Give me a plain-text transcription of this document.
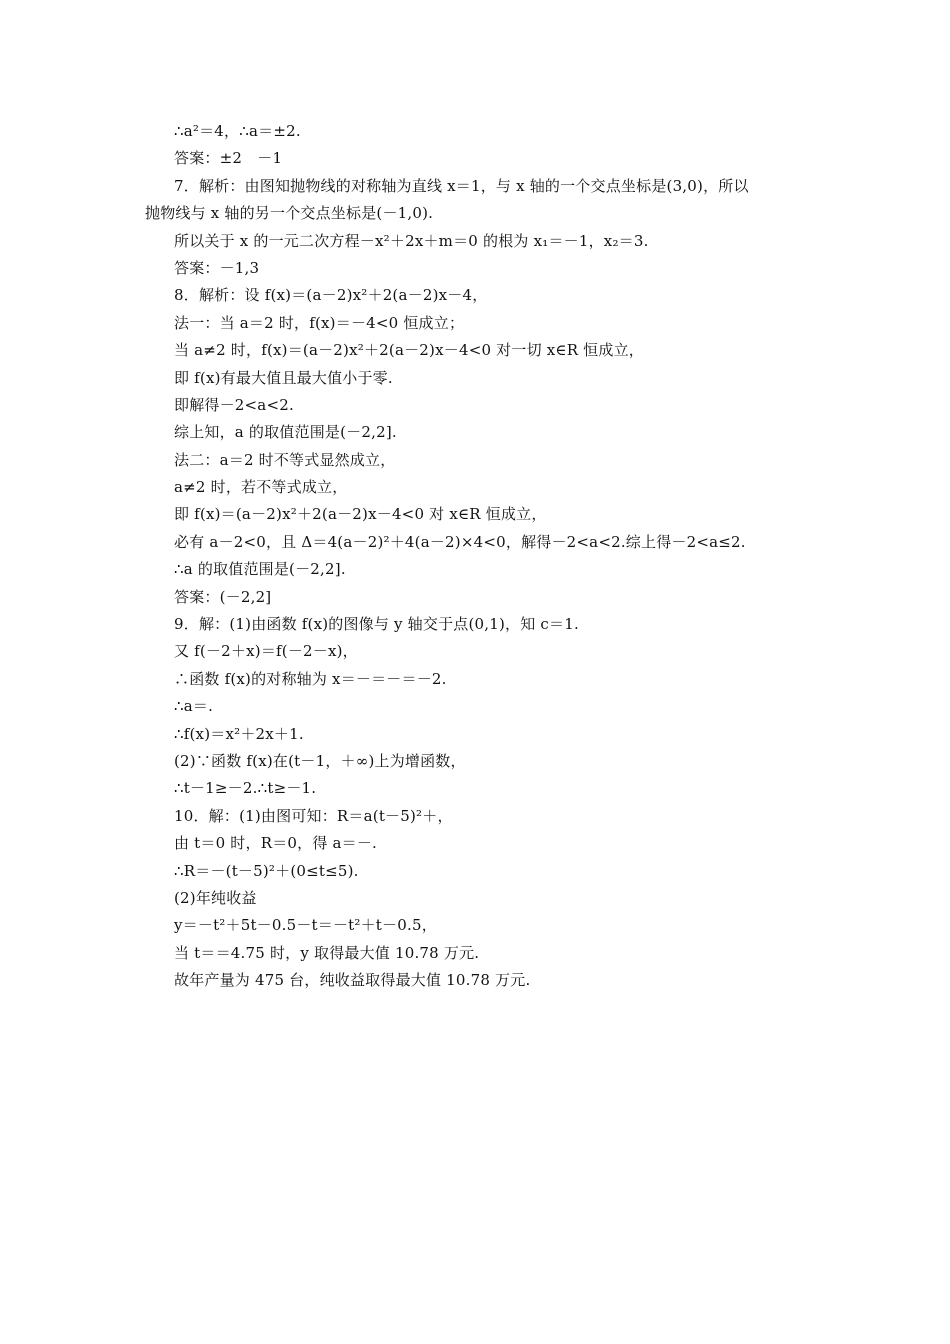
∴a²＝4，∴a＝±2.
答案：±2　－1
7．解析：由图知抛物线的对称轴为直线 x＝1，与 x 轴的一个交点坐标是(3,0)，所以
抛物线与 x 轴的另一个交点坐标是(－1,0).
所以关于 x 的一元二次方程－x²＋2x＋m＝0 的根为 x₁＝－1，x₂＝3.
答案：－1,3
8．解析：设 f(x)＝(a－2)x²＋2(a－2)x－4，
法一：当 a＝2 时，f(x)＝－4<0 恒成立；
当 a≠2 时，f(x)＝(a－2)x²＋2(a－2)x－4<0 对一切 x∈R 恒成立，
即 f(x)有最大值且最大值小于零.
即解得－2<a<2.
综上知，a 的取值范围是(－2,2].
法二：a＝2 时不等式显然成立，
a≠2 时，若不等式成立，
即 f(x)＝(a－2)x²＋2(a－2)x－4<0 对 x∈R 恒成立，
必有 a－2<0，且 Δ＝4(a－2)²＋4(a－2)×4<0，解得－2<a<2.综上得－2<a≤2.
∴a 的取值范围是(－2,2].
答案：(－2,2]
9．解：(1)由函数 f(x)的图像与 y 轴交于点(0,1)，知 c＝1.
又 f(－2＋x)＝f(－2－x)，
∴函数 f(x)的对称轴为 x＝－＝－＝－2.
∴a＝.
∴f(x)＝x²＋2x＋1.
(2)∵函数 f(x)在(t－1，＋∞)上为增函数，
∴t－1≥－2.∴t≥－1.
10．解：(1)由图可知：R＝a(t－5)²＋，
由 t＝0 时，R＝0，得 a＝－.
∴R＝－(t－5)²＋(0≤t≤5).
(2)年纯收益
y＝－t²＋5t－0.5－t＝－t²＋t－0.5，
当 t＝＝4.75 时，y 取得最大值 10.78 万元.
故年产量为 475 台，纯收益取得最大值 10.78 万元.
